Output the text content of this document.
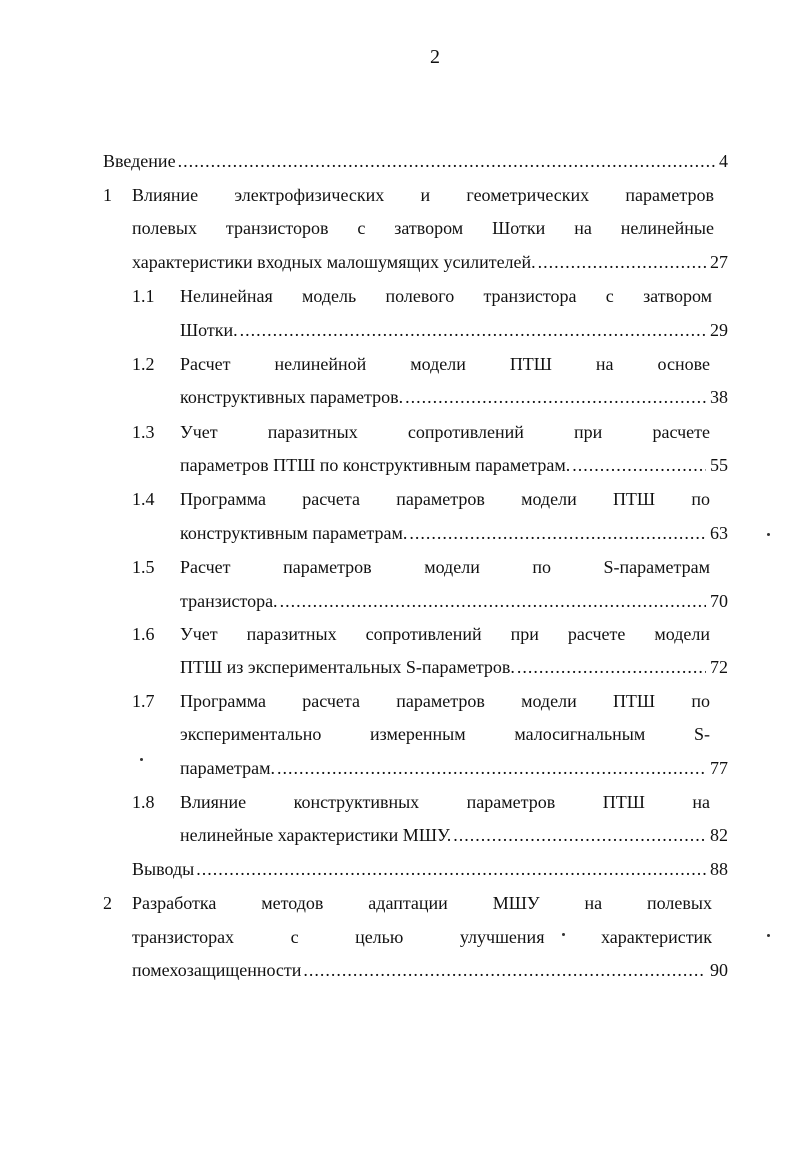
2
Введение .....	4
1 Влияние электрофизических и геометрических параметров
полевых транзисторов с затвором Шотки на нелинейные
характеристики входных малошумящих усилителей. .....	27
1.1 Нелинейная модель полевого транзистора с затвором
Шотки. .....	29
1.2 Расчет нелинейной модели ПТШ на основе
конструктивных параметров. .....	38
1.3 Учет	паразитных	сопротивлений	при	расчете
параметров ПТШ по конструктивным параметрам. .....	55
1.4 Программа расчета параметров модели ПТШ по
конструктивным параметрам. .....	63
1.5 Расчет	параметров	модели	по	S-параметрам
транзистора. .....	70
1.6 Учет паразитных сопротивлений при расчете модели
ПТШ из экспериментальных S-параметров. .....	72
1.7 Программа расчета параметров модели ПТШ по
экспериментально	измеренным	малосигнальным	S-
параметрам. .....	77
1.8 Влияние	конструктивных	параметров	ПТШ	на
нелинейные характеристики МШУ. .....	82
Выводы .....	88
2 Разработка методов адаптации МШУ на полевых
транзисторах	с	целью	улучшения	характеристик
помехозащищенности .....	90
